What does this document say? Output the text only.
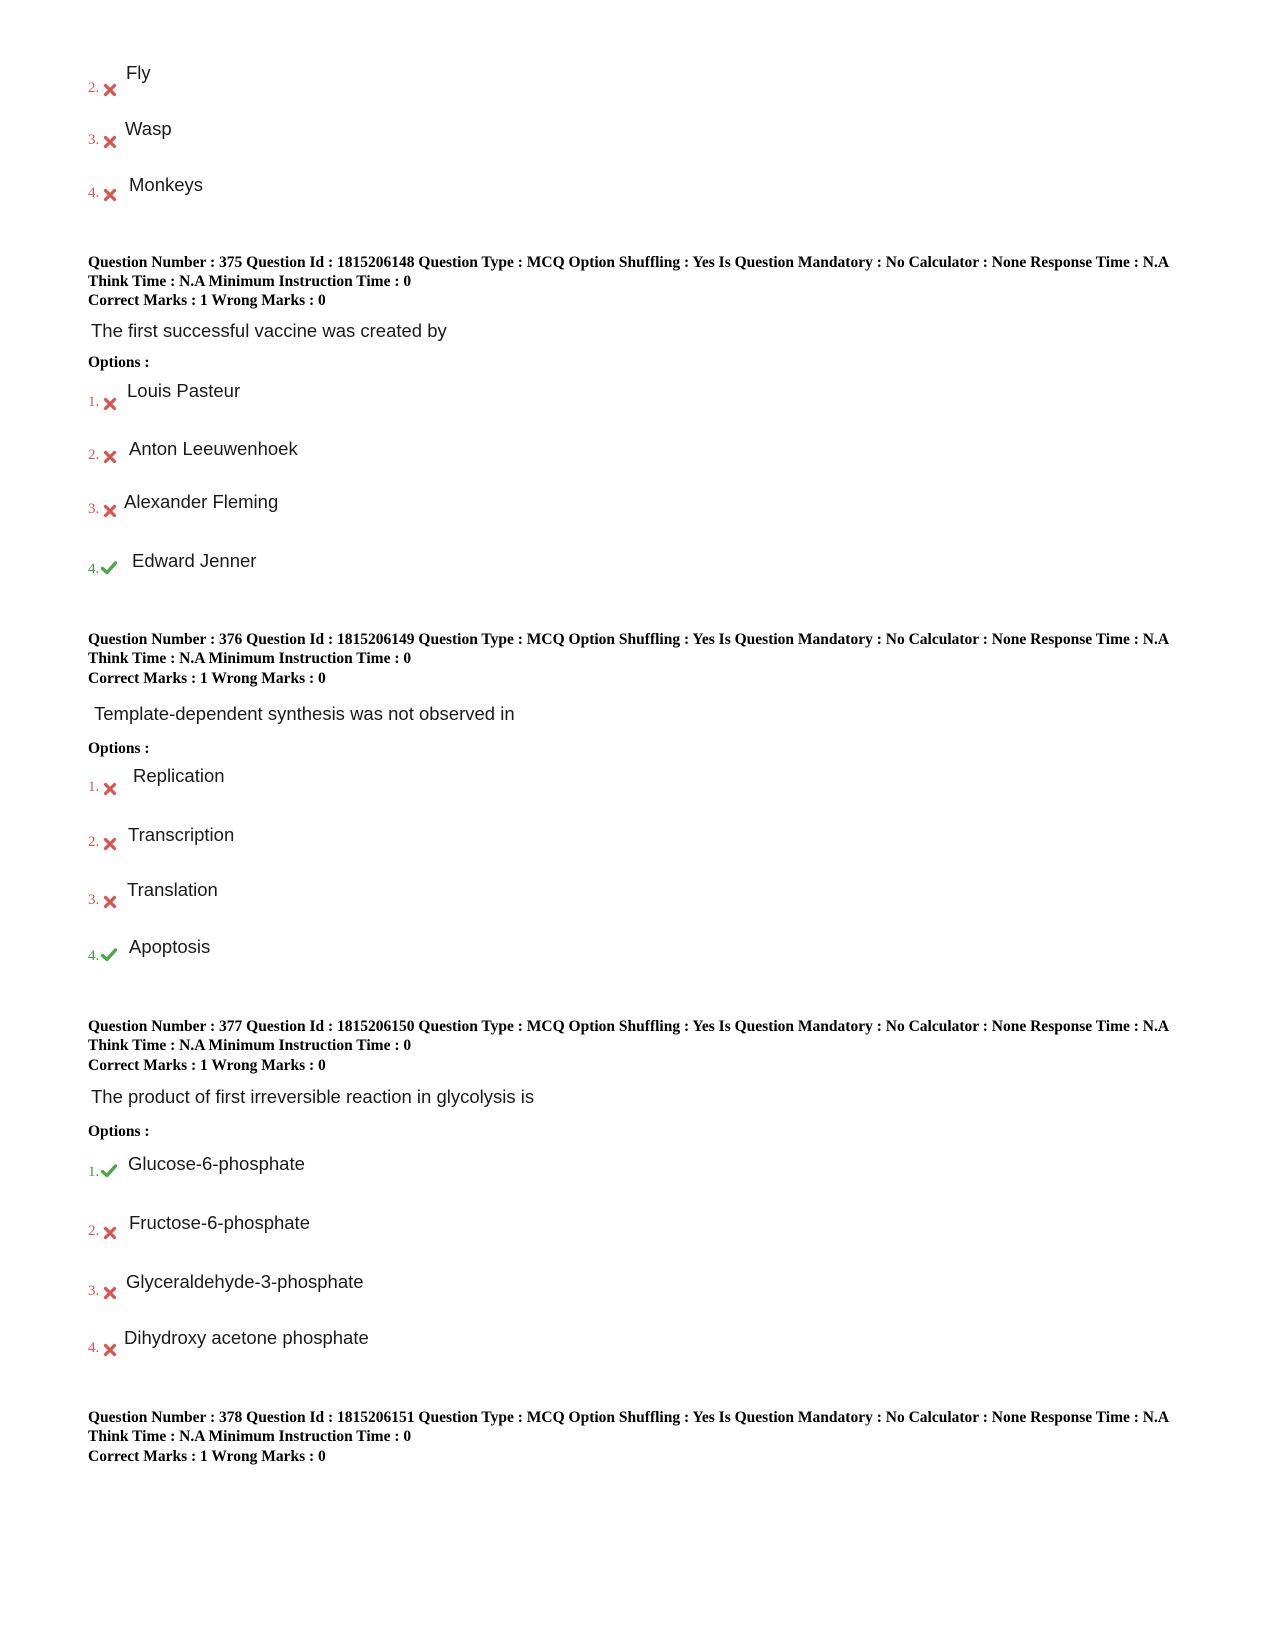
2.
Fly
3.
Wasp
4. Monkeys
Question Number : 375 Question Id : 1815206148 Question Type : MCQ Option Shuffling : Yes Is Question Mandatory : No Calculator : None Response Time : N.A Think Time : N.A Minimum Instruction Time : 0
Correct Marks : 1 Wrong Marks : 0
The first successful vaccine was created by
Options :
1.
Louis Pasteur
2. Anton Leeuwenhoek
3. Alexander Fleming
4. Edward Jenner
Question Number : 376 Question Id : 1815206149 Question Type : MCQ Option Shuffling : Yes Is Question Mandatory : No Calculator : None Response Time : N.A Think Time : N.A Minimum Instruction Time : 0
Correct Marks : 1 Wrong Marks : 0
Template-dependent synthesis was not observed in
Options :
1.
Replication
2. Transcription
3. Translation
4. Apoptosis
Question Number : 377 Question Id : 1815206150 Question Type : MCQ Option Shuffling : Yes Is Question Mandatory : No Calculator : None Response Time : N.A Think Time : N.A Minimum Instruction Time : 0
Correct Marks : 1 Wrong Marks : 0
The product of first irreversible reaction in glycolysis is
Options :
1. Glucose-6-phosphate
2. Fructose-6-phosphate
3. Glyceraldehyde-3-phosphate
4. Dihydroxy acetone phosphate
Question Number : 378 Question Id : 1815206151 Question Type : MCQ Option Shuffling : Yes Is Question Mandatory : No Calculator : None Response Time : N.A Think Time : N.A Minimum Instruction Time : 0
Correct Marks : 1 Wrong Marks : 0
